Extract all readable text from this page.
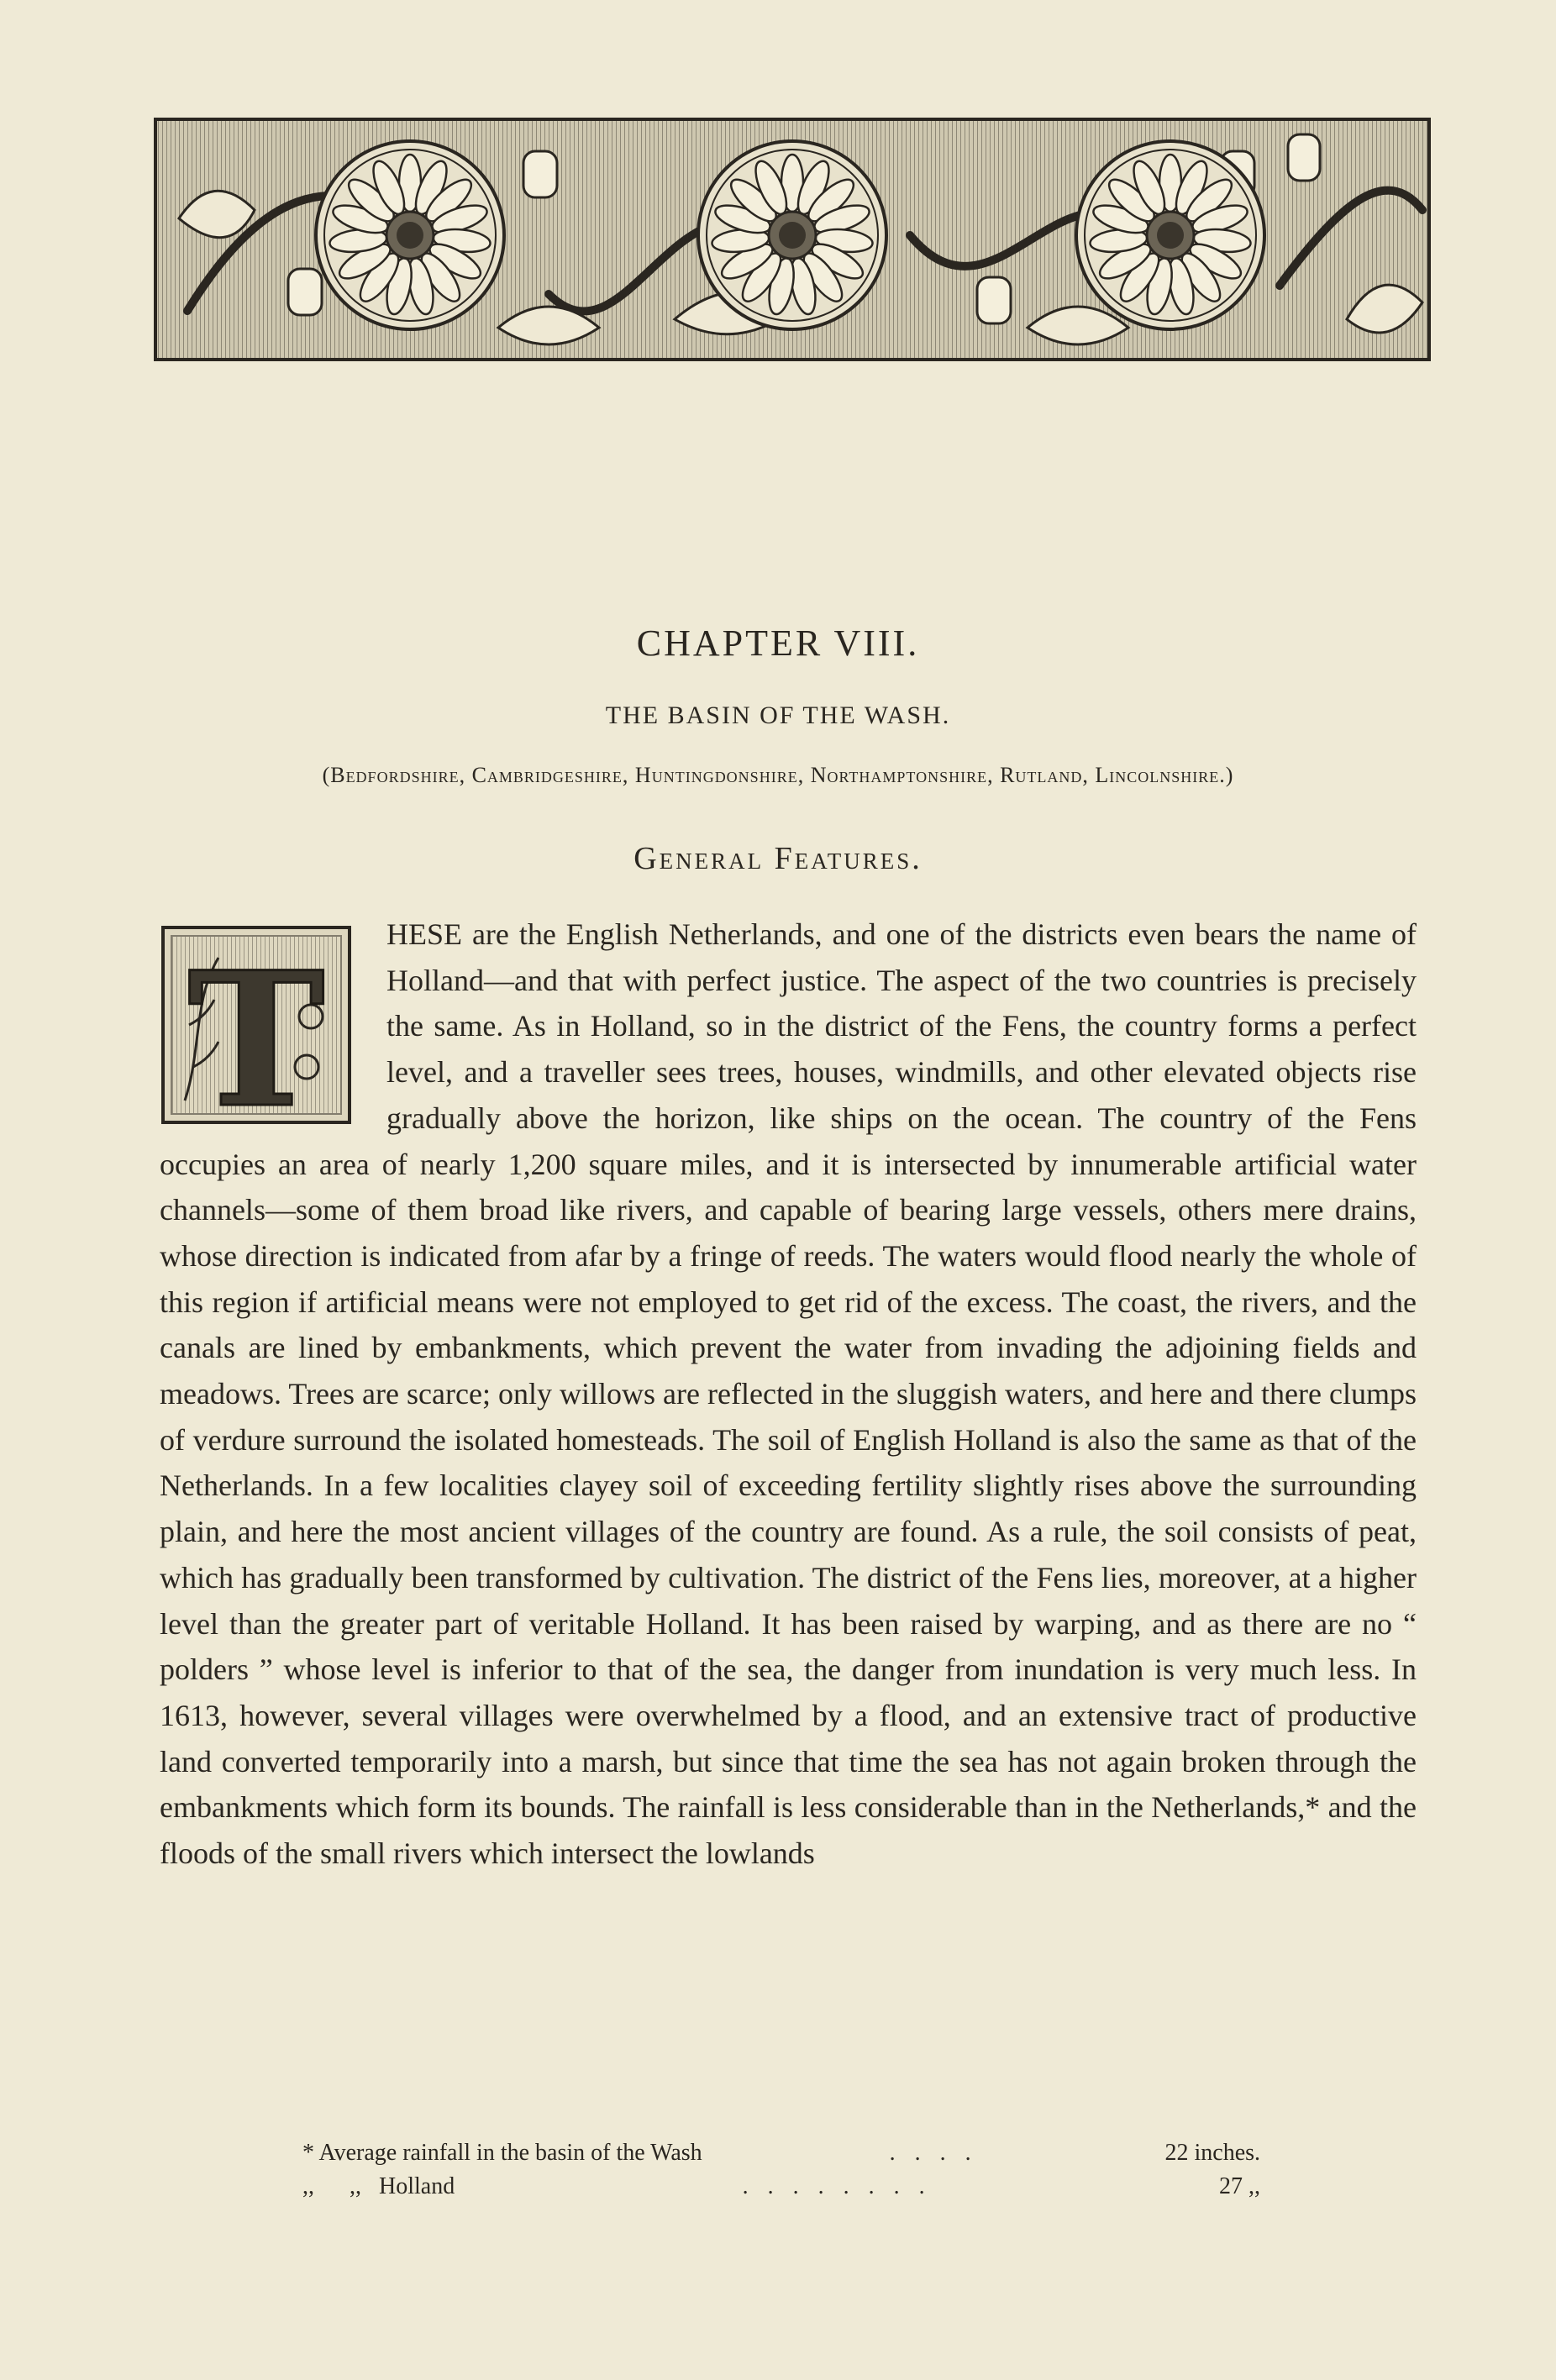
CHAPTER VIII.
THE BASIN OF THE WASH.
(Bedfordshire, Cambridgeshire, Huntingdonshire, Northamptonshire, Rutland, Lincolnshire.)
General Features.
T	HESE are the English Netherlands, and one of the districts even bears the name of Holland—and that with perfect justice. The aspect of the two countries is precisely the same. As in Holland, so in the district of the Fens, the country forms a perfect level, and a traveller sees trees, houses, windmills, and other elevated objects rise gradually above the horizon, like ships on the ocean. The country of the Fens occupies an area of nearly 1,200 square miles, and it is intersected by innumerable artificial water channels—some of them broad like rivers, and capable of bearing large vessels, others mere drains, whose direction is indicated from afar by a fringe of reeds. The waters would flood nearly the whole of this region if artificial means were not employed to get rid of the excess. The coast, the rivers, and the canals are lined by embankments, which prevent the water from invading the adjoining fields and meadows. Trees are scarce; only willows are reflected in the sluggish waters, and here and there clumps of verdure surround the isolated homesteads. The soil of English Holland is also the same as that of the Netherlands. In a few localities clayey soil of exceeding fertility slightly rises above the surrounding plain, and here the most ancient villages of the country are found. As a rule, the soil consists of peat, which has gradually been transformed by cultivation. The district of the Fens lies, moreover, at a higher level than the greater part of veritable Holland. It has been raised by warping, and as there are no “ polders ” whose level is inferior to that of the sea, the danger from inundation is very much less. In 1613, however, several villages were overwhelmed by a flood, and an extensive tract of productive land converted temporarily into a marsh, but since that time the sea has not again broken through the embankments which form its bounds. The rainfall is less considerable than in the Netherlands,* and the floods of the small rivers which intersect the lowlands
* Average rainfall in the basin of the Wash	. . . .	22 inches.
,,      ,,   Holland	. . . . . . . .	27 ,,
